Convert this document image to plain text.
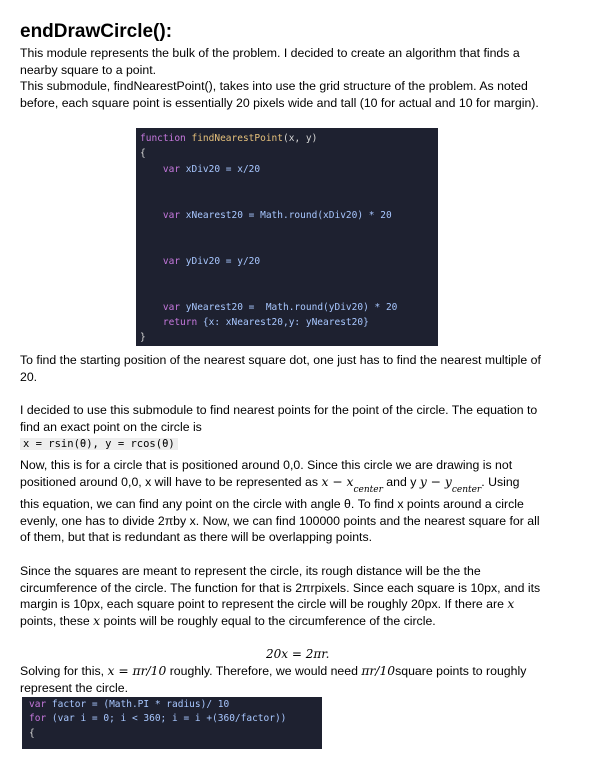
endDrawCircle():
This module represents the bulk of the problem. I decided to create an algorithm that finds a
nearby square to a point.
This submodule, findNearestPoint(), takes into use the grid structure of the problem. As noted
before, each square point is essentially 20 pixels wide and tall (10 for actual and 10 for margin).
function findNearestPoint(x, y)
{
var xDiv20 = x/20
var xNearest20 = Math.round(xDiv20) * 20
var yDiv20 = y/20
var yNearest20 =  Math.round(yDiv20) * 20
return {x: xNearest20,y: yNearest20}
}
To find the starting position of the nearest square dot, one just has to find the nearest multiple of
20.
I decided to use this submodule to find nearest points for the point of the circle. The equation to
find an exact point on the circle is
x = rsin(θ), y = rcos(θ)
Now, this is for a circle that is positioned around 0,0. Since this circle we are drawing is not
positioned around 0,0, x will have to be represented as $x - x_{center}$ and y $y - y_{center}$. Using
this equation, we can find any point on the circle with angle θ. To find x points around a circle
evenly, one has to divide 2πby x. Now, we can find 100000 points and the nearest square for all
of them, but that is redundant as there will be overlapping points.
Since the squares are meant to represent the circle, its rough distance will be the the
circumference of the circle. The function for that is 2πrpixels. Since each square is 10px, and its
margin is 10px, each square point to represent the circle will be roughly 20px. If there are x
points, these x points will be roughly equal to the circumference of the circle.
20x = 2πr.
Solving for this, x = πr/10 roughly. Therefore, we would need πr/10square points to roughly
represent the circle.
var factor = (Math.PI * radius)/ 10
for (var i = 0; i < 360; i = i +(360/factor))
{
